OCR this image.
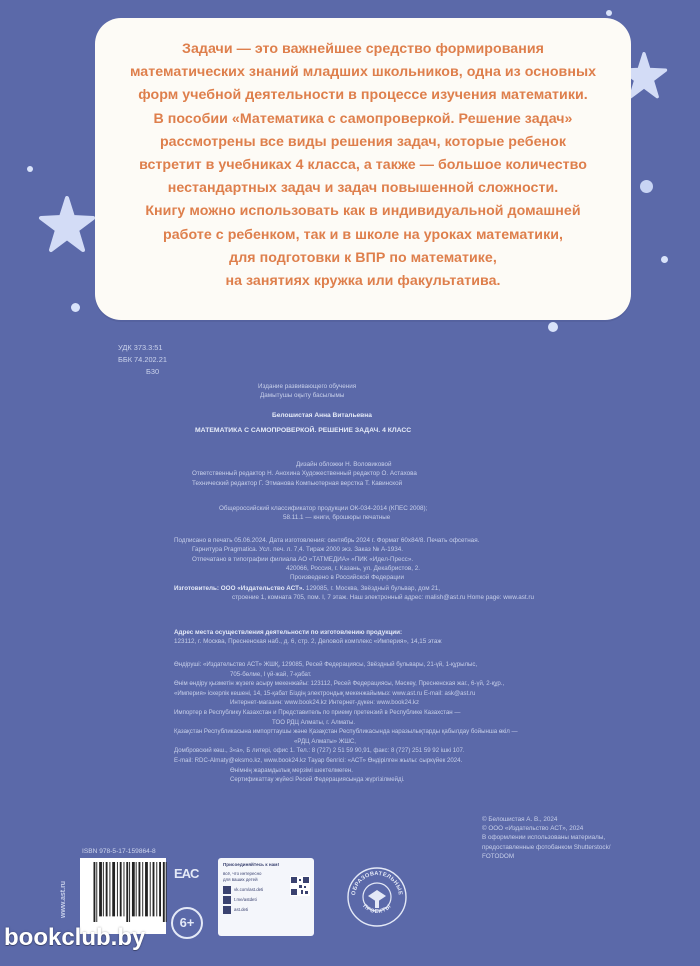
Задачи — это важнейшее средство формирования
математических знаний младших школьников, одна из основных
форм учебной деятельности в процессе изучения математики.
В пособии «Математика с самопроверкой. Решение задач»
рассмотрены все виды решения задач, которые ребенок
встретит в учебниках 4 класса, а также — большое количество
нестандартных задач и задач повышенной сложности.
Книгу можно использовать как в индивидуальной домашней
работе с ребенком, так и в школе на уроках математики,
для подготовки к ВПР по математике,
на занятиях кружка или факультатива.
УДК 373.3:51
ББК 74.202.21
Б30
Издание развивающего обучения
Дамытушы оқыту басылымы
Белошистая Анна Витальевна
МАТЕМАТИКА С САМОПРОВЕРКОЙ. РЕШЕНИЕ ЗАДАЧ. 4 КЛАСС
Дизайн обложки Н. Воловиковой
Ответственный редактор Н. Анохина Художественный редактор О. Астахова
Технический редактор Г. Этманова Компьютерная верстка Т. Кавинской
Общероссийский классификатор продукции ОК-034-2014 (КПЕС 2008);
58.11.1 — книги, брошюры печатные
Подписано в печать 05.06.2024. Дата изготовления: сентябрь 2024 г. Формат 60х84/8. Печать офсетная.
Гарнитура Pragmatica. Усл. печ. л. 7,4. Тираж 2000 экз. Заказ № А-1934.
Отпечатано в типографии филиала АО «ТАТМЕДИА» «ПИК «Идел-Пресс».
420066, Россия, г. Казань, ул. Декабристов, 2.
Произведено в Российской Федерации
Изготовитель: ООО «Издательство АСТ». 129085, г. Москва, Звёздный бульвар, дом 21,
строение 1, комната 705, пом. I, 7 этаж. Наш электронный адрес: malish@ast.ru Home page: www.ast.ru
Адрес места осуществления деятельности по изготовлению продукции:
123112, г. Москва, Пресненская наб., д. 6, стр. 2, Деловой комплекс «Империя», 14,15 этаж
Өндіруші: «Издательство АСТ» ЖШҚ, 129085, Ресей Федерациясы, Звёздный бульвары, 21-үй, 1-құрылыс,
705-бөлме, I үй-жай, 7-қабат.
Өнім өндіру қызметін жүзеге асыру мекенжайы: 123112, Ресей Федерациясы, Мәскеу, Пресненская жаг., 6-үй, 2-құр.,
«Империя» іскерлік кешені, 14, 15-қабат Біздің электрондық мекенжайымыз: www.ast.ru E-mail: ask@ast.ru
Интернет-магазин: www.book24.kz Интернет-дүкен: www.book24.kz
Импортер в Республику Казахстан и Представитель по приему претензий в Республике Казахстан —
ТОО РДЦ Алматы, г. Алматы.
Қазақстан Республикасына импорттаушы және Қазақстан Республикасында наразылықтарды қабылдау бойынша өкіл —
«РДЦ Алматы» ЖШС,
Домбровский көш., 3«а», Б литерi, офис 1. Тел.: 8 (727) 2 51 59 90,91, факс: 8 (727) 251 59 92 ішкі 107.
E-mail: RDC-Almaty@eksmo.kz, www.book24.kz Тауар белгісі: «АСТ» Өндірілген жылы: сыркүйек 2024.
Өнімнің жарамдылық мерзімі шектелмеген.
Сертификаттау жүйесі Ресей Федерациясында жүргізілмейді.
© Белошистая А. В., 2024
© ООО «Издательство АСТ», 2024
В оформлении использованы материалы,
предоставленные фотобанком Shutterstock/
FOTODOM
www.ast.ru
ISBN 978-5-17-159864-8
EAC
6+
Присоединяйтесь к нам!
всё, что интересно
для ваших детей
vk.com/ast.deti
t.me/astdeti
ast.deti
ОБРАЗОВАТЕЛЬНЫЕ
ПРОЕКТЫ
bookclub.by
